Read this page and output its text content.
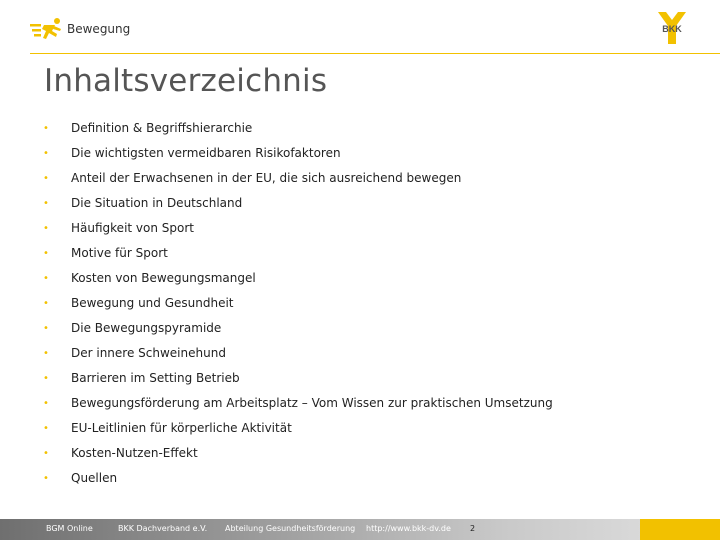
Bewegung	BKK
Inhaltsverzeichnis
• Definition & Begriffshierarchie
• Die wichtigsten vermeidbaren Risikofaktoren
• Anteil der Erwachsenen in der EU, die sich ausreichend bewegen
• Die Situation in Deutschland
• Häufigkeit von Sport
• Motive für Sport
• Kosten von Bewegungsmangel
• Bewegung und Gesundheit
• Die Bewegungspyramide
• Der innere Schweinehund
• Barrieren im Setting Betrieb
• Bewegungsförderung am Arbeitsplatz – Vom Wissen zur praktischen Umsetzung
• EU-Leitlinien für körperliche Aktivität
• Kosten-Nutzen-Effekt
• Quellen
BGM Online	BKK Dachverband e.V. Abteilung Gesundheitsförderung http://www.bkk-dv.de 2
